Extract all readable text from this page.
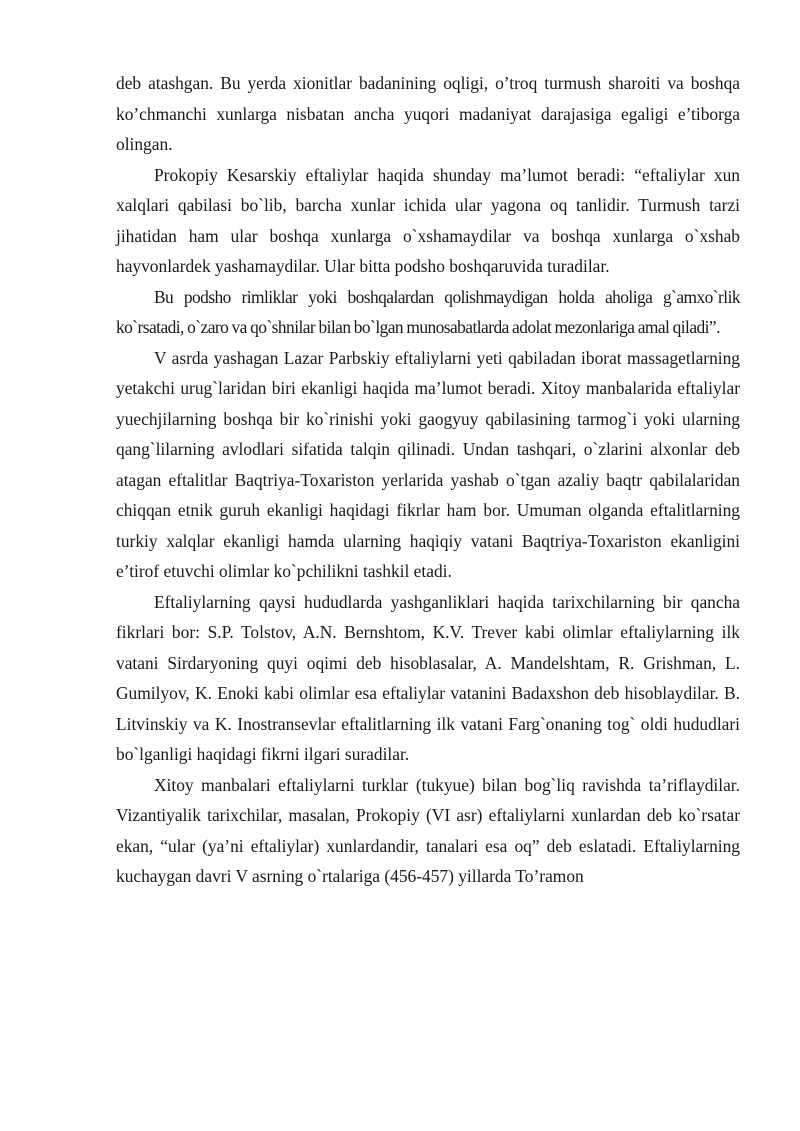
deb atashgan. Bu yerda xionitlar badanining oqligi, o’troq turmush sharoiti va boshqa ko’chmanchi xunlarga nisbatan ancha yuqori madaniyat darajasiga egaligi e’tiborga olingan.

Prokopiy Kesarskiy eftaliylar haqida shunday ma’lumot beradi: “eftaliylar xun xalqlari qabilasi bo`lib, barcha xunlar ichida ular yagona oq tanlidir. Turmush tarzi jihatidan ham ular boshqa xunlarga o`xshamaydilar va boshqa xunlarga o`xshab hayvonlardek yashamaydilar. Ular bitta podsho boshqaruvida turadilar.

Bu podsho rimliklar yoki boshqalardan qolishmaydigan holda aholiga g`amxo`rlik ko`rsatadi, o`zaro va qo`shnilar bilan bo`lgan munosabatlarda adolat mezonlariga amal qiladi”.

V asrda yashagan Lazar Parbskiy eftaliylarni yeti qabiladan iborat massagetlarning yetakchi urug`laridan biri ekanligi haqida ma’lumot beradi. Xitoy manbalarida eftaliylar yuechjilarning boshqa bir ko`rinishi yoki gaogyuy qabilasining tarmog`i yoki ularning qang`lilarning avlodlari sifatida talqin qilinadi. Undan tashqari, o`zlarini alxonlar deb atagan eftalitlar Baqtriya-Toxariston yerlarida yashab o`tgan azaliy baqtr qabilalaridan chiqqan etnik guruh ekanligi haqidagi fikrlar ham bor. Umuman olganda eftalitlarning turkiy xalqlar ekanligi hamda ularning haqiqiy vatani Baqtriya-Toxariston ekanligini e’tirof etuvchi olimlar ko`pchilikni tashkil etadi.

Eftaliylarning qaysi hududlarda yashganliklari haqida tarixchilarning bir qancha fikrlari bor: S.P. Tolstov, A.N. Bernshtom, K.V. Trever kabi olimlar eftaliylarning ilk vatani Sirdaryoning quyi oqimi deb hisoblasalar, A. Mandelshtam, R. Grishman, L. Gumilyov, K. Enoki kabi olimlar esa eftaliylar vatanini Badaxshon deb hisoblaydilar. B. Litvinskiy va K. Inostransevlar eftalitlarning ilk vatani Farg`onaning tog` oldi hududlari bo`lganligi haqidagi fikrni ilgari suradilar.

Xitoy manbalari eftaliylarni turklar (tukyue) bilan bog`liq ravishda ta’riflaydilar. Vizantiyalik tarixchilar, masalan, Prokopiy (VI asr) eftaliylarni xunlardan deb ko`rsatar ekan, “ular (ya’ni eftaliylar) xunlardandir, tanalari esa oq” deb eslatadi. Eftaliylarning kuchaygan davri V asrning o`rtalariga (456-457) yillarda To’ramon
